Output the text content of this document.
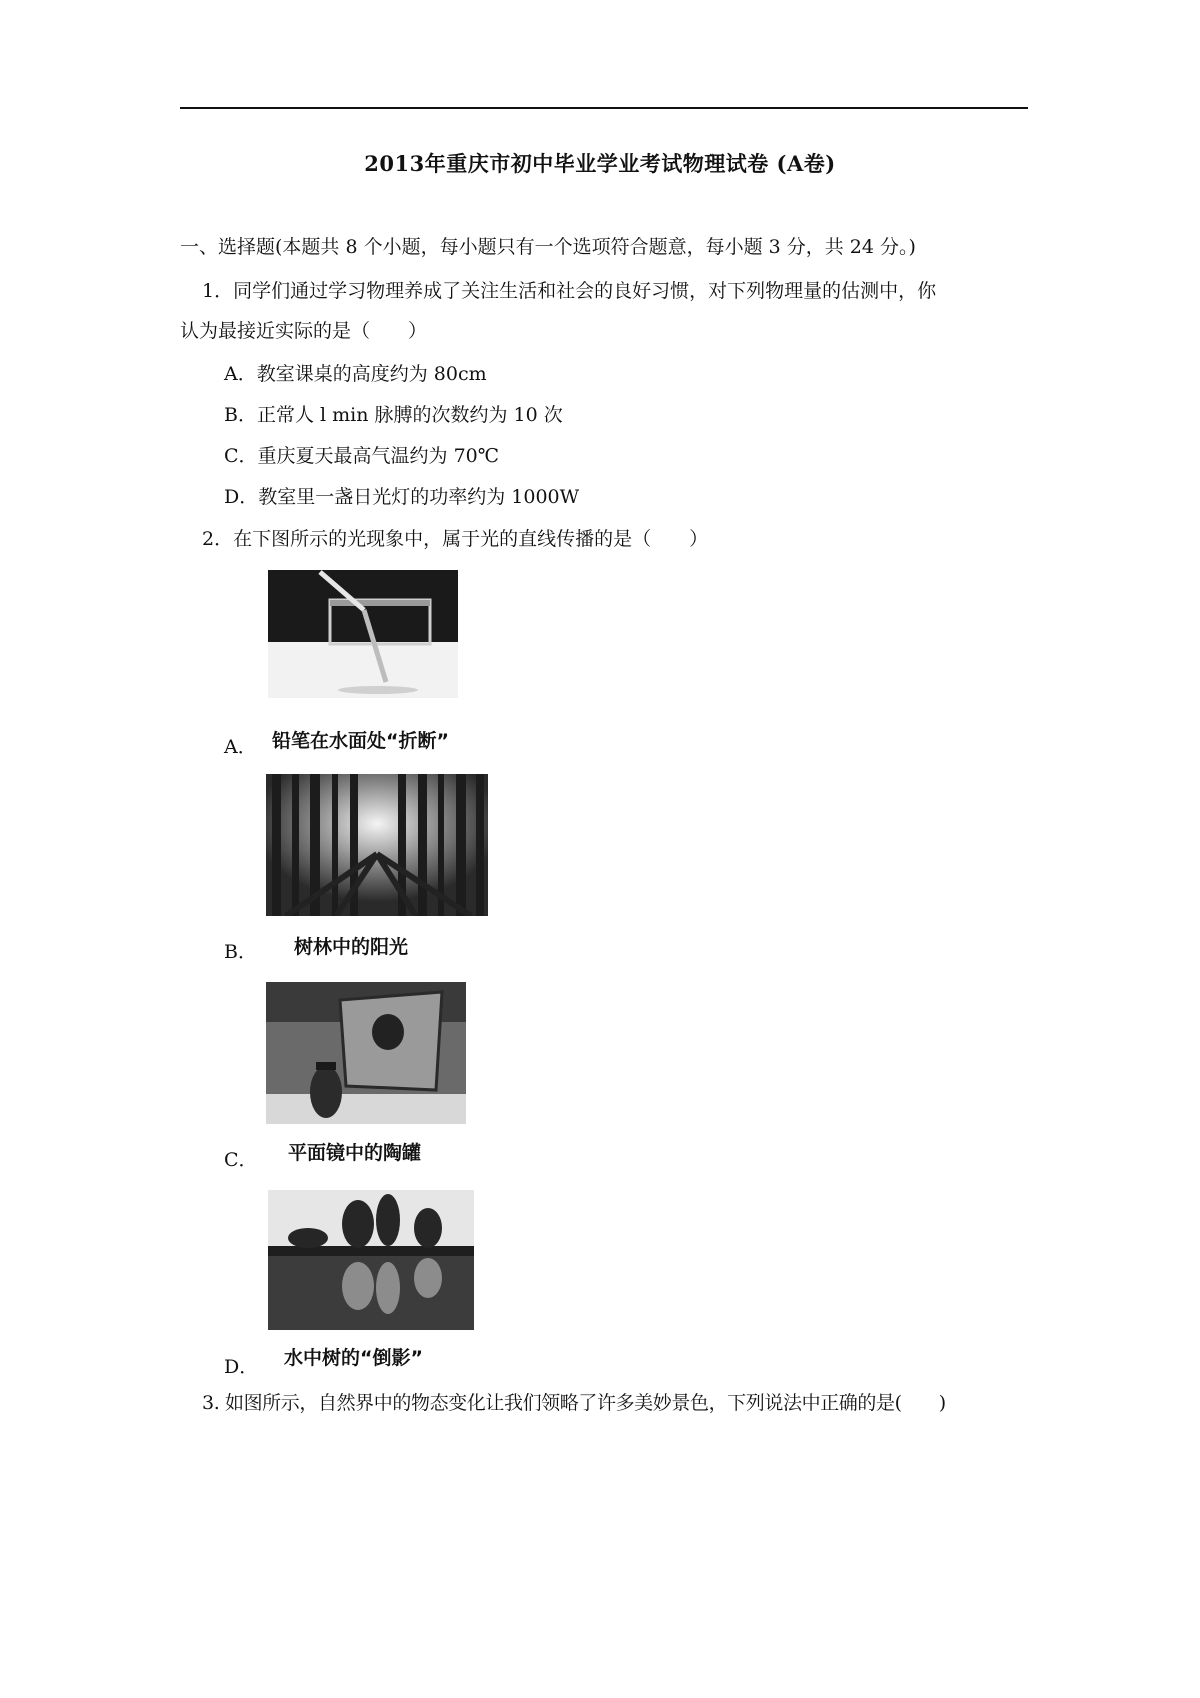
2013年重庆市初中毕业学业考试物理试卷 (A卷)
一、选择题(本题共 8 个小题，每小题只有一个选项符合题意，每小题 3 分，共 24 分。)
1．同学们通过学习物理养成了关注生活和社会的良好习惯，对下列物理量的估测中，你
认为最接近实际的是（　　）
A．教室课桌的高度约为 80cm
B．正常人 l min 脉膊的次数约为 10 次
C．重庆夏天最高气温约为 70℃
D．教室里一盏日光灯的功率约为 1000W
2．在下图所示的光现象中，属于光的直线传播的是（　　）
A． 铅笔在水面处“折断”
B． 树林中的阳光
C． 平面镜中的陶罐
D． 水中树的“倒影”
3. 如图所示，自然界中的物态变化让我们领略了许多美妙景色，下列说法中正确的是(　　)
